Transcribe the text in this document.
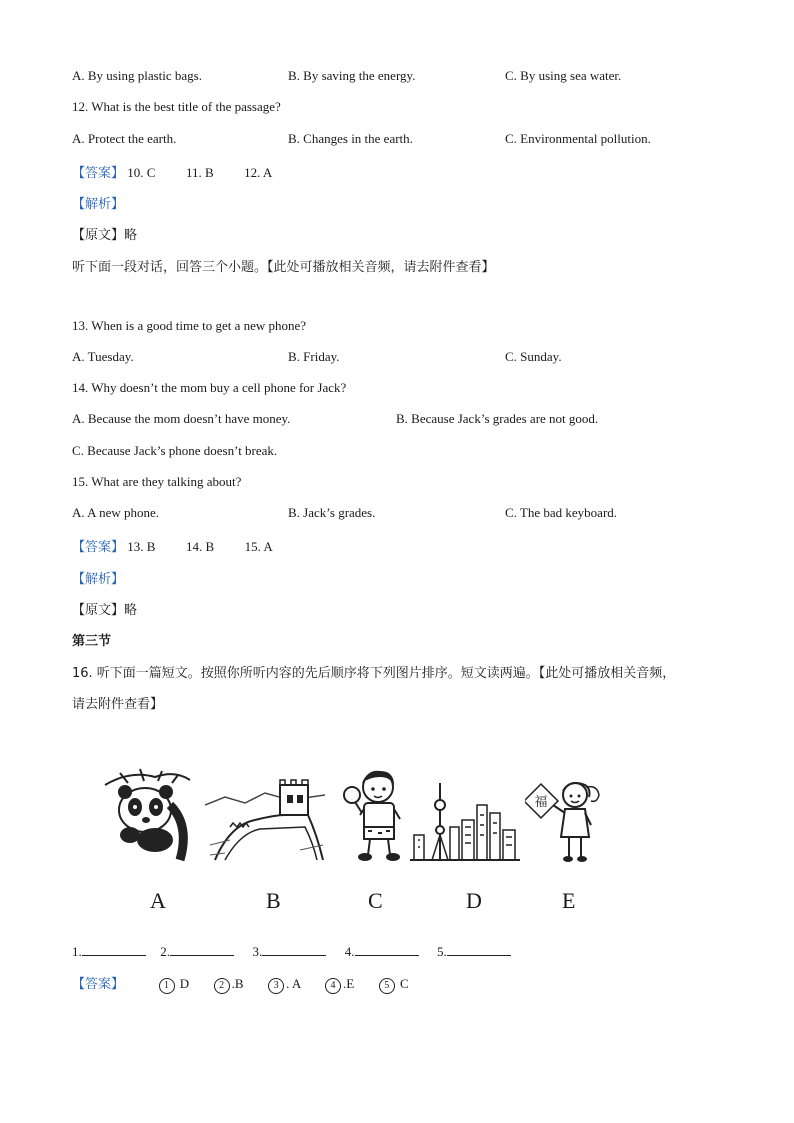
A. By using plastic bags.	B. By saving the energy.	C. By using sea water.
12. What is the best title of the passage?
A. Protect the earth.	B. Changes in the earth.	C. Environmental pollution.
【答案】 10. C 11. B 12. A
【解析】
【原文】略
听下面一段对话，回答三个小题。【此处可播放相关音频，请去附件查看】
13. When is a good time to get a new phone?
A. Tuesday.	B. Friday.	C. Sunday.
14. Why doesn’t the mom buy a cell phone for Jack?
A. Because the mom doesn’t have money.	B. Because Jack’s grades are not good.
C. Because Jack’s phone doesn’t break.
15. What are they talking about?
A. A new phone.	B. Jack’s grades.	C. The bad keyboard.
【答案】 13. B 14. B 15. A
【解析】
【原文】略
第三节
16. 听下面一篇短文。按照你所听内容的先后顺序将下列图片排序。短文读两遍。【此处可播放相关音频，
请去附件查看】
福
A	B	C	D	E
1.	2.	3.	4.	5.
【答案】	1 D	2 .B	3 . A	4 .E	5 C
